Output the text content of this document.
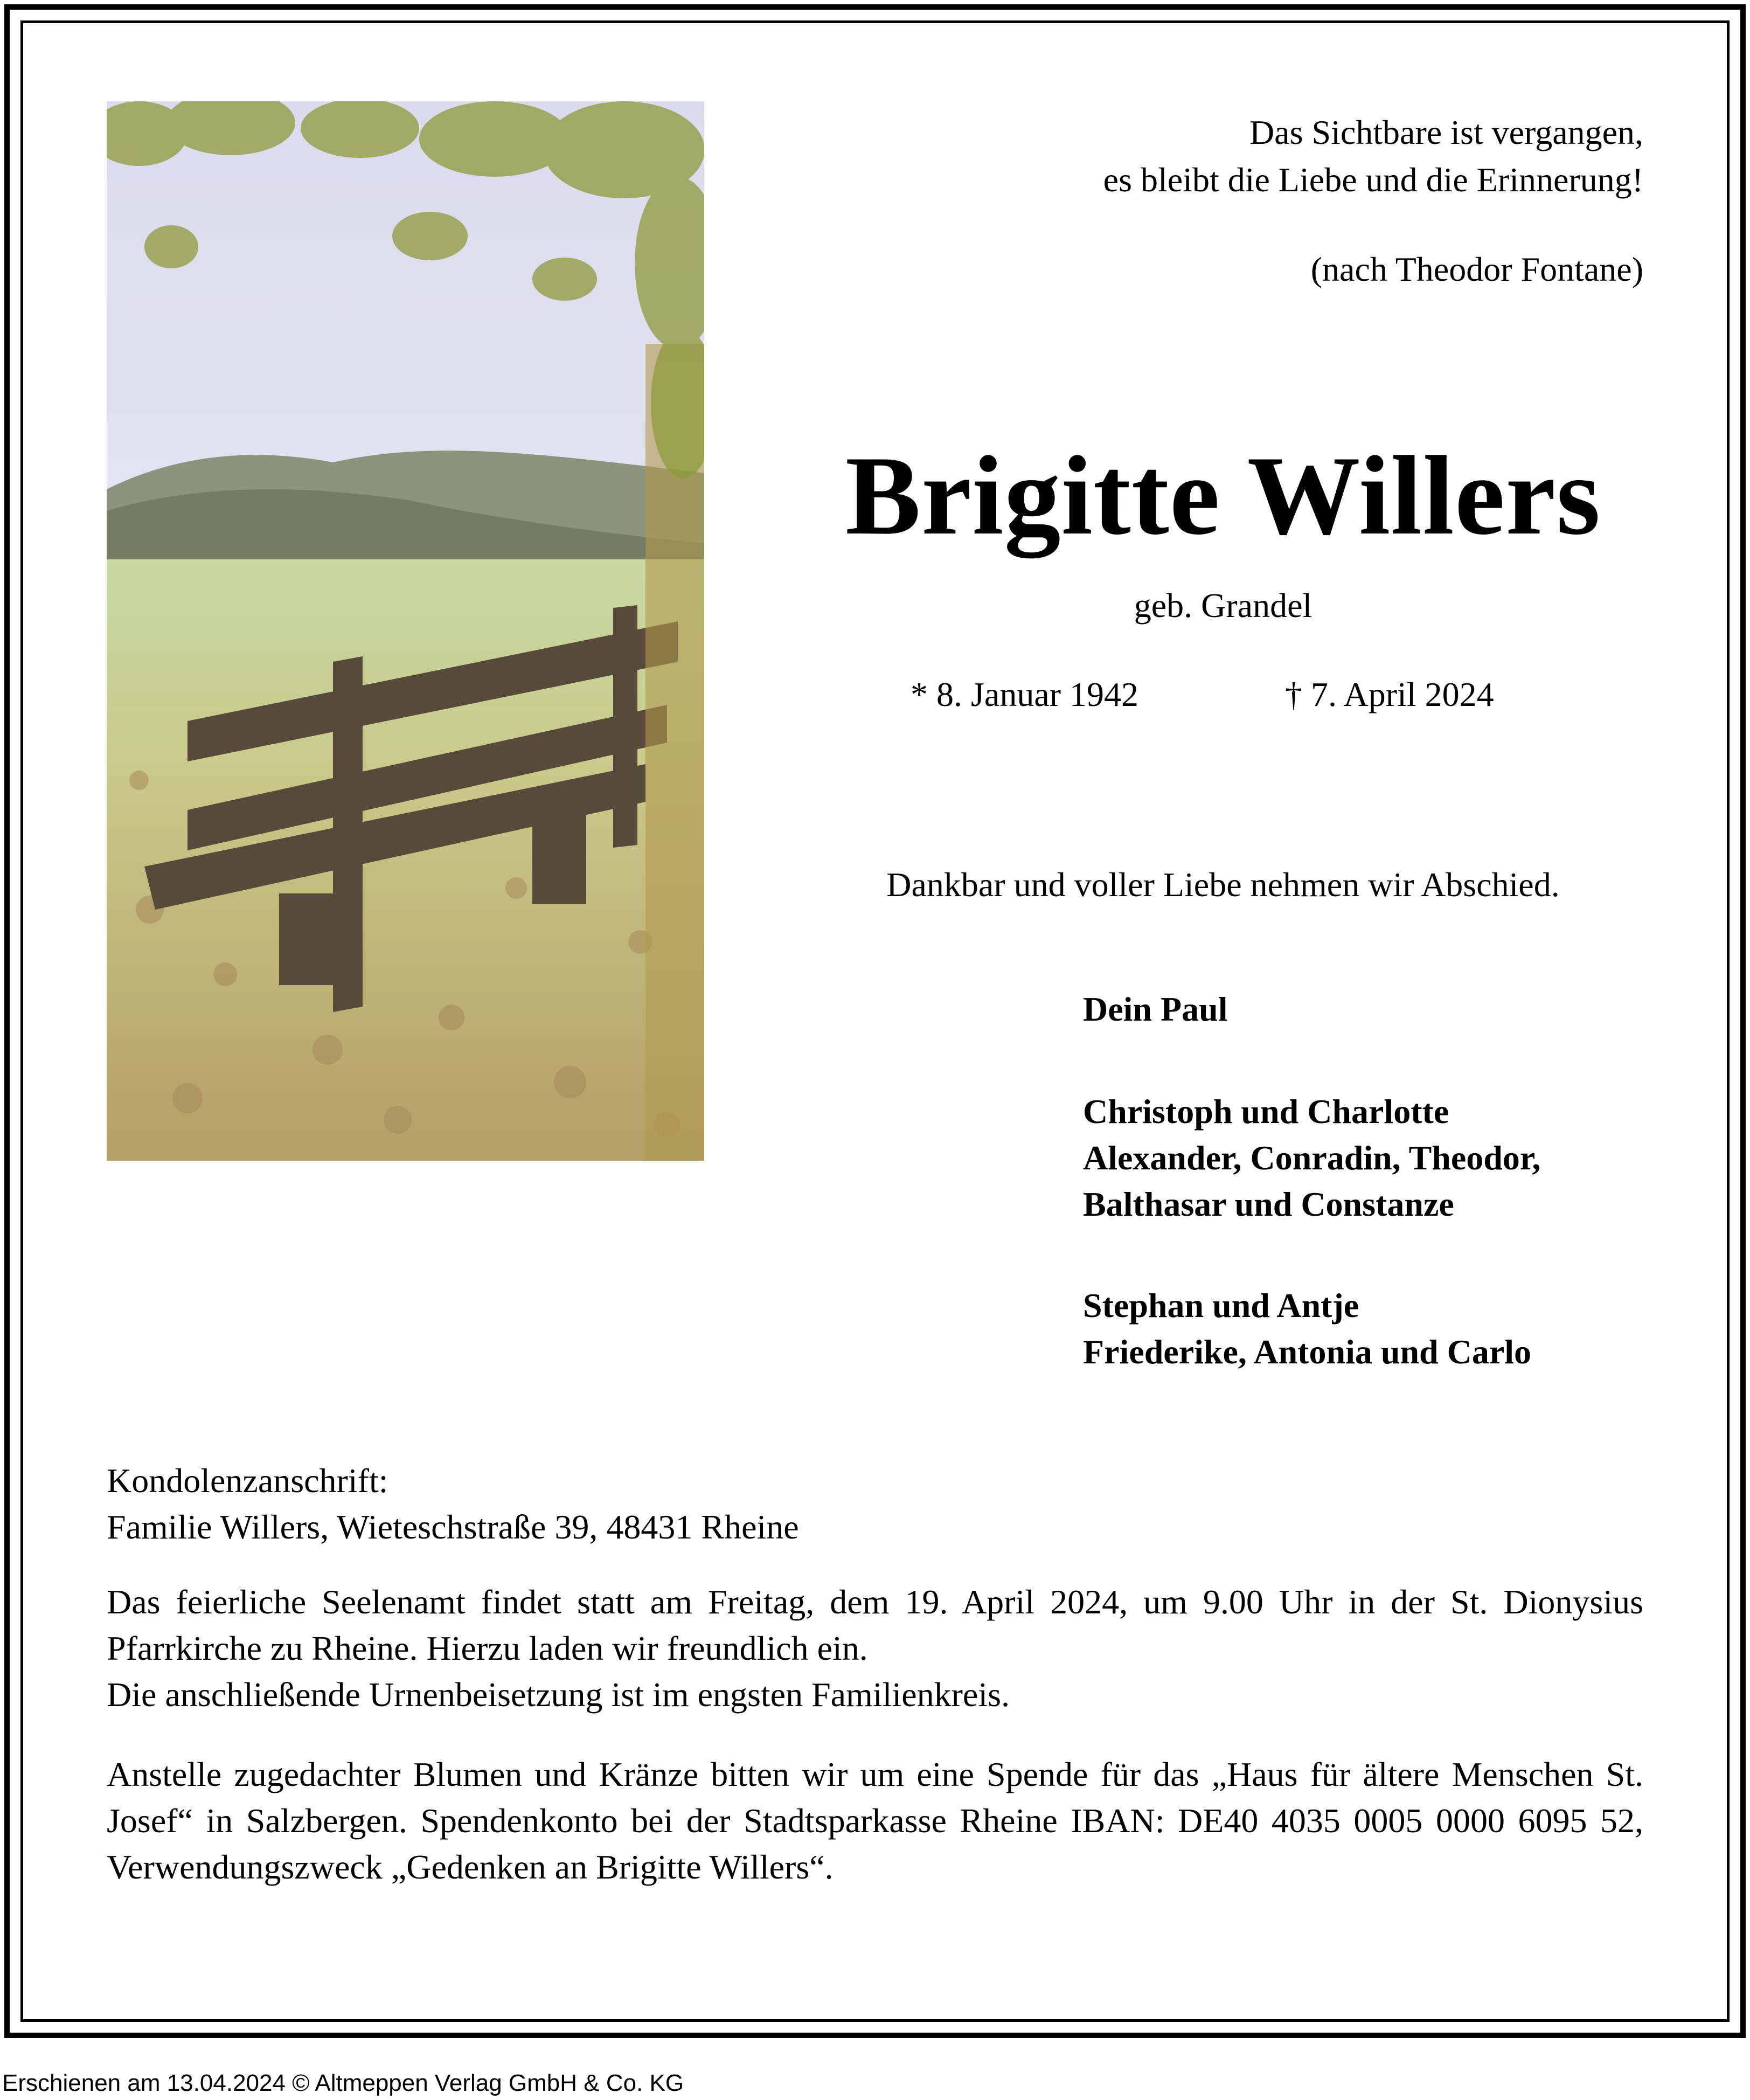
Das Sichtbare ist vergangen,
es bleibt die Liebe und die Erinnerung!
(nach Theodor Fontane)
Brigitte Willers
geb. Grandel
* 8. Januar 1942	† 7. April 2024
Dankbar und voller Liebe nehmen wir Abschied.
Dein Paul
Christoph und Charlotte
Alexander, Conradin, Theodor,
Balthasar und Constanze
Stephan und Antje
Friederike, Antonia und Carlo
Kondolenzanschrift:
Familie Willers, Wieteschstraße 39, 48431 Rheine
Das feierliche Seelenamt findet statt am Freitag, dem 19. April 2024, um 9.00 Uhr in der St. Dionysius Pfarrkirche zu Rheine. Hierzu laden wir freundlich ein.
Die anschließende Urnenbeisetzung ist im engsten Familienkreis.
Anstelle zugedachter Blumen und Kränze bitten wir um eine Spende für das „Haus für ältere Menschen St. Josef“ in Salzbergen. Spendenkonto bei der Stadtsparkasse Rheine IBAN: DE40 4035 0005 0000 6095 52, Verwendungszweck „Gedenken an Brigitte Willers“.
Erschienen am 13.04.2024 © Altmeppen Verlag GmbH & Co. KG
